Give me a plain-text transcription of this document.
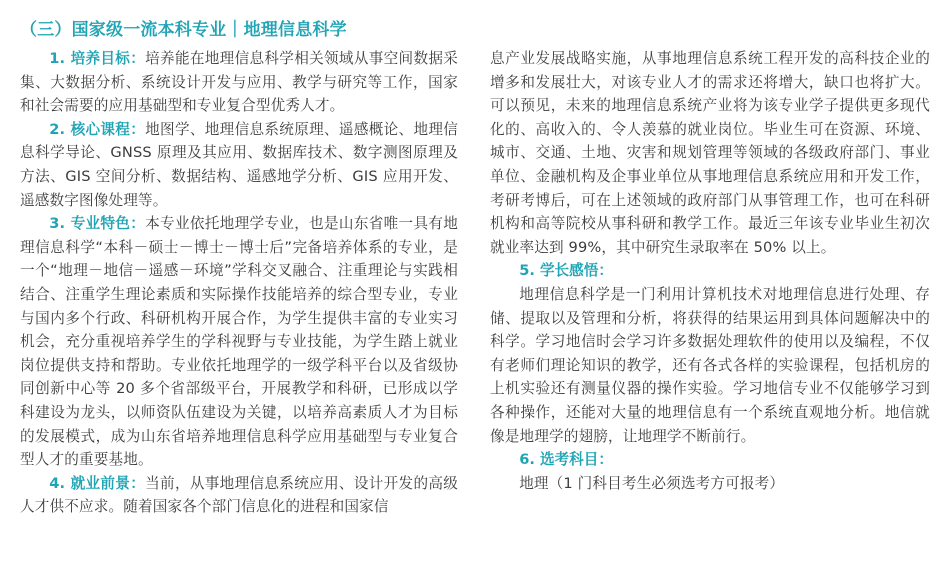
（三）国家级一流本科专业｜地理信息科学

1. 培养目标：培养能在地理信息科学相关领域从事空间数据采集、大数据分析、系统设计开发与应用、教学与研究等工作，国家和社会需要的应用基础型和专业复合型优秀人才。

2. 核心课程：地图学、地理信息系统原理、遥感概论、地理信息科学导论、GNSS 原理及其应用、数据库技术、数字测图原理及方法、GIS 空间分析、数据结构、遥感地学分析、GIS 应用开发、遥感数字图像处理等。

3. 专业特色：本专业依托地理学专业，也是山东省唯一具有地理信息科学“本科－硕士－博士－博士后”完备培养体系的专业，是一个“地理－地信－遥感－环境”学科交叉融合、注重理论与实践相结合、注重学生理论素质和实际操作技能培养的综合型专业，专业与国内多个行政、科研机构开展合作，为学生提供丰富的专业实习机会，充分重视培养学生的学科视野与专业技能，为学生踏上就业岗位提供支持和帮助。专业依托地理学的一级学科平台以及省级协同创新中心等 20 多个省部级平台，开展教学和科研，已形成以学科建设为龙头，以师资队伍建设为关键，以培养高素质人才为目标的发展模式，成为山东省培养地理信息科学应用基础型与专业复合型人才的重要基地。

4. 就业前景：当前，从事地理信息系统应用、设计开发的高级人才供不应求。随着国家各个部门信息化的进程和国家信

息产业发展战略实施，从事地理信息系统工程开发的高科技企业的增多和发展壮大，对该专业人才的需求还将增大，缺口也将扩大。可以预见，未来的地理信息系统产业将为该专业学子提供更多现代化的、高收入的、令人羡慕的就业岗位。毕业生可在资源、环境、城市、交通、土地、灾害和规划管理等领域的各级政府部门、事业单位、金融机构及企事业单位从事地理信息系统应用和开发工作，考研考博后，可在上述领域的政府部门从事管理工作，也可在科研机构和高等院校从事科研和教学工作。最近三年该专业毕业生初次就业率达到 99%，其中研究生录取率在 50% 以上。

5. 学长感悟：

地理信息科学是一门利用计算机技术对地理信息进行处理、存储、提取以及管理和分析，将获得的结果运用到具体问题解决中的科学。学习地信时会学习许多数据处理软件的使用以及编程，不仅有老师们理论知识的教学，还有各式各样的实验课程，包括机房的上机实验还有测量仪器的操作实验。学习地信专业不仅能够学习到各种操作，还能对大量的地理信息有一个系统直观地分析。地信就像是地理学的翅膀，让地理学不断前行。

6. 选考科目：

地理（1 门科目考生必须选考方可报考）
